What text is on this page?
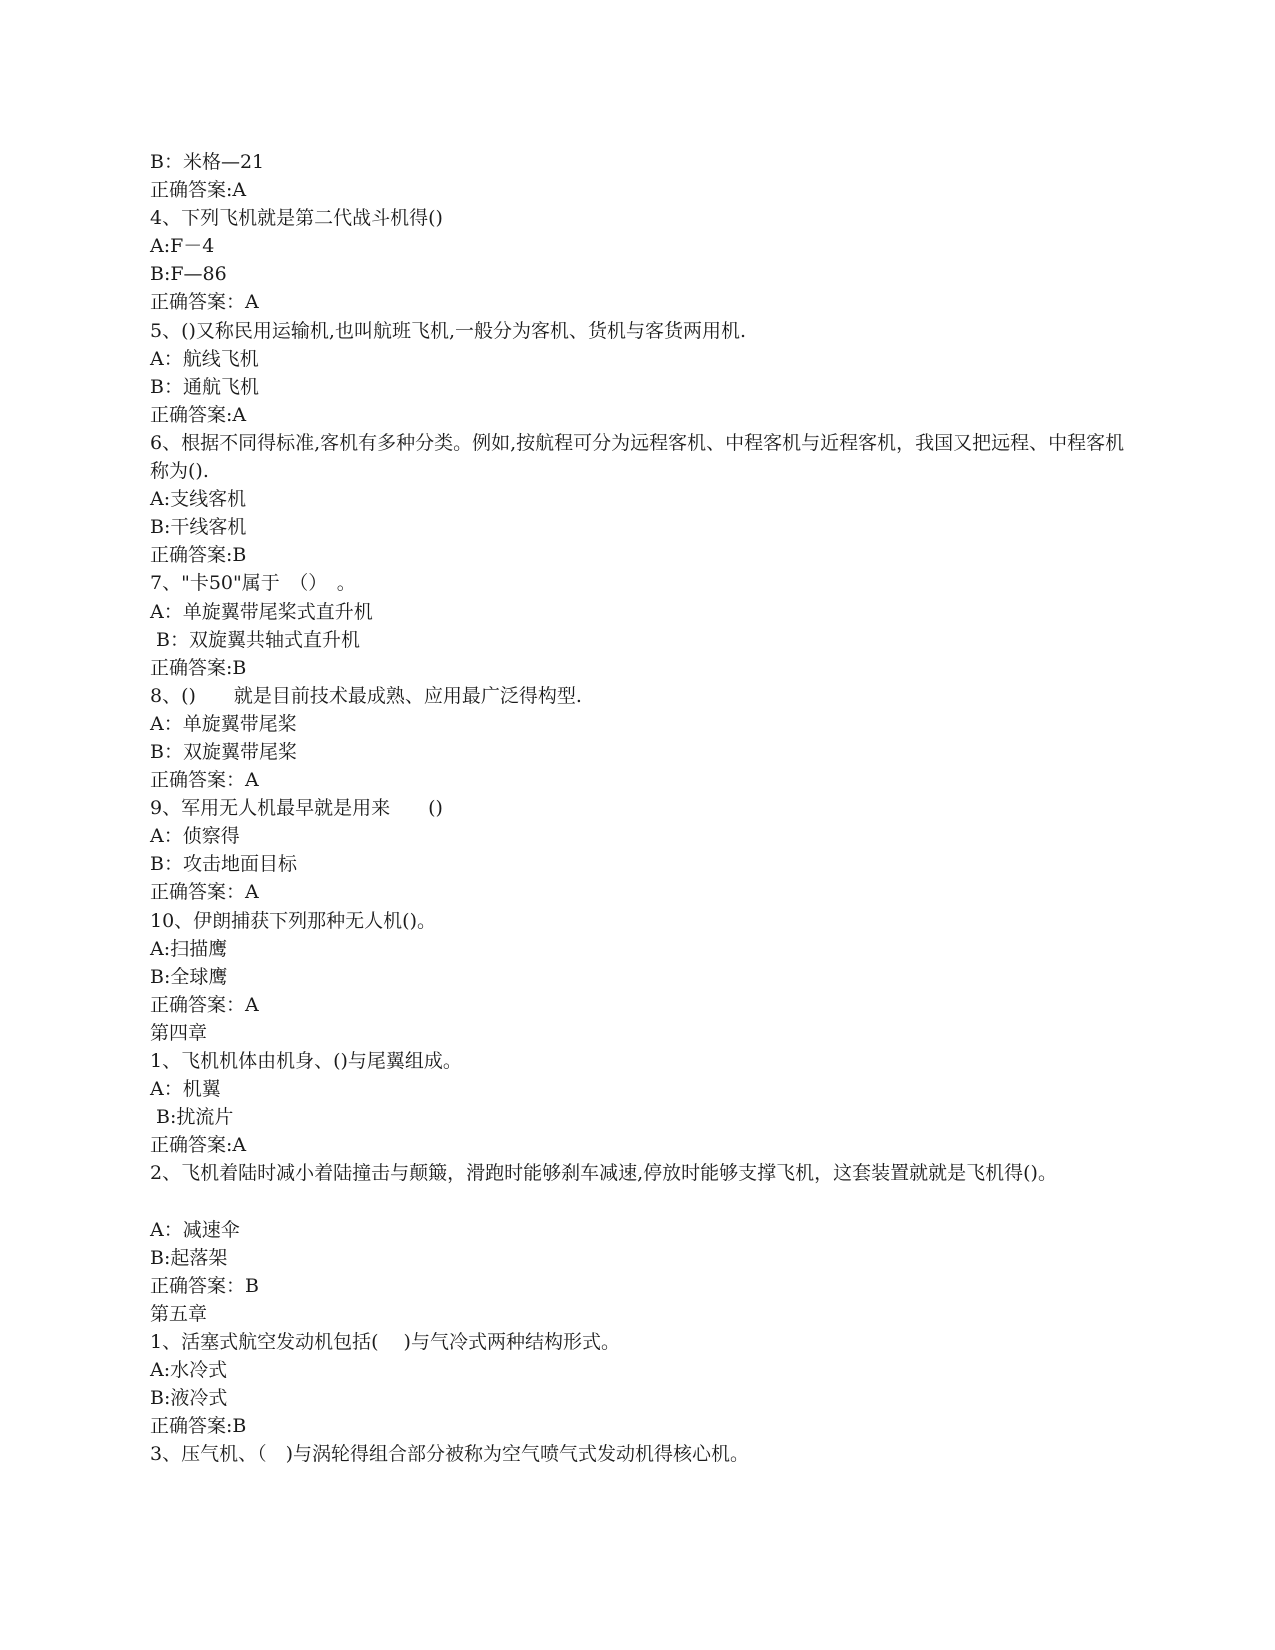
B：米格—21
正确答案:A
4、下列飞机就是第二代战斗机得()
A:F－4
B:F—86
正确答案：A
5、()又称民用运输机,也叫航班飞机,一般分为客机、货机与客货两用机.
A：航线飞机
B：通航飞机
正确答案:A
6、根据不同得标准,客机有多种分类。例如,按航程可分为远程客机、中程客机与近程客机，我国又把远程、中程客机称为().
A:支线客机
B:干线客机
正确答案:B
7、"卡50"属于　（）　。
A：单旋翼带尾桨式直升机
B：双旋翼共轴式直升机
正确答案:B
8、()　　就是目前技术最成熟、应用最广泛得构型.
A：单旋翼带尾桨
B：双旋翼带尾桨
正确答案：A
9、军用无人机最早就是用来　　()
A：侦察得
B：攻击地面目标
正确答案：A
10、伊朗捕获下列那种无人机()。
A:扫描鹰
B:全球鹰
正确答案：A
第四章
1、飞机机体由机身、()与尾翼组成。
A：机翼
B:扰流片
正确答案:A
2、飞机着陆时减小着陆撞击与颠簸，滑跑时能够刹车减速,停放时能够支撑飞机，这套装置就就是飞机得()。
A：减速伞
B:起落架
正确答案：B
第五章
1、活塞式航空发动机包括(　 )与气冷式两种结构形式。
A:水冷式
B:液冷式
正确答案:B
3、压气机、（　)与涡轮得组合部分被称为空气喷气式发动机得核心机。
